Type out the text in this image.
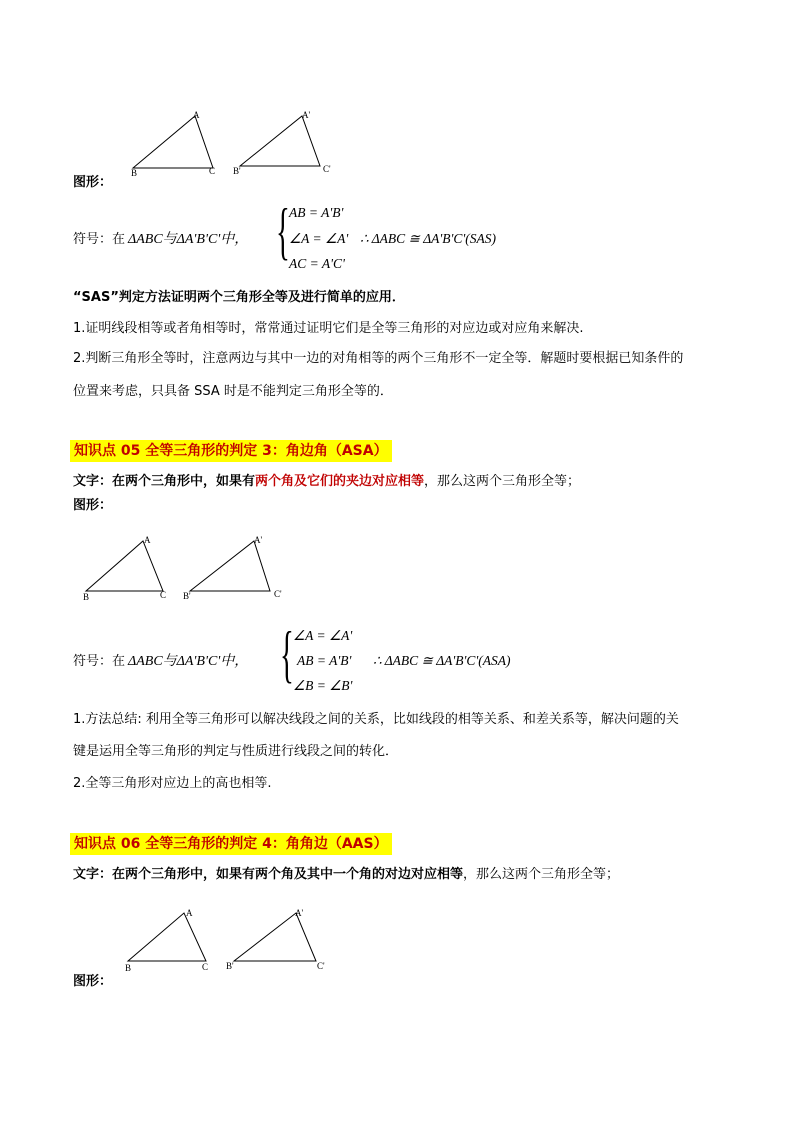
A
B	C
A'
B'	C'
图形：
符号：在 ΔABC与ΔA'B'C'中， { AB = A'B'
∠A = ∠A'
AC = A'C'
∴ ΔABC ≅ ΔA'B'C'(SAS)
“SAS”判定方法证明两个三角形全等及进行简单的应用．
1.证明线段相等或者角相等时，常常通过证明它们是全等三角形的对应边或对应角来解决.
2.判断三角形全等时，注意两边与其中一边的对角相等的两个三角形不一定全等．解题时要根据已知条件的
位置来考虑，只具备 SSA 时是不能判定三角形全等的．
知识点 05 全等三角形的判定 3：角边角（ASA）
文字：在两个三角形中，如果有两个角及它们的夹边对应相等，那么这两个三角形全等；
图形：
A
B	C
A'
B'	C'
符号：在 ΔABC与ΔA'B'C'中， { ∠A = ∠A'
AB = A'B'
∠B = ∠B'
∴ ΔABC ≅ ΔA'B'C'(ASA)
1.方法总结: 利用全等三角形可以解决线段之间的关系，比如线段的相等关系、和差关系等，解决问题的关
键是运用全等三角形的判定与性质进行线段之间的转化．
2.全等三角形对应边上的高也相等.
知识点 06 全等三角形的判定 4：角角边（AAS）
文字：在两个三角形中，如果有两个角及其中一个角的对边对应相等，那么这两个三角形全等；
A
B	C
A'
B'	C'
图形：
